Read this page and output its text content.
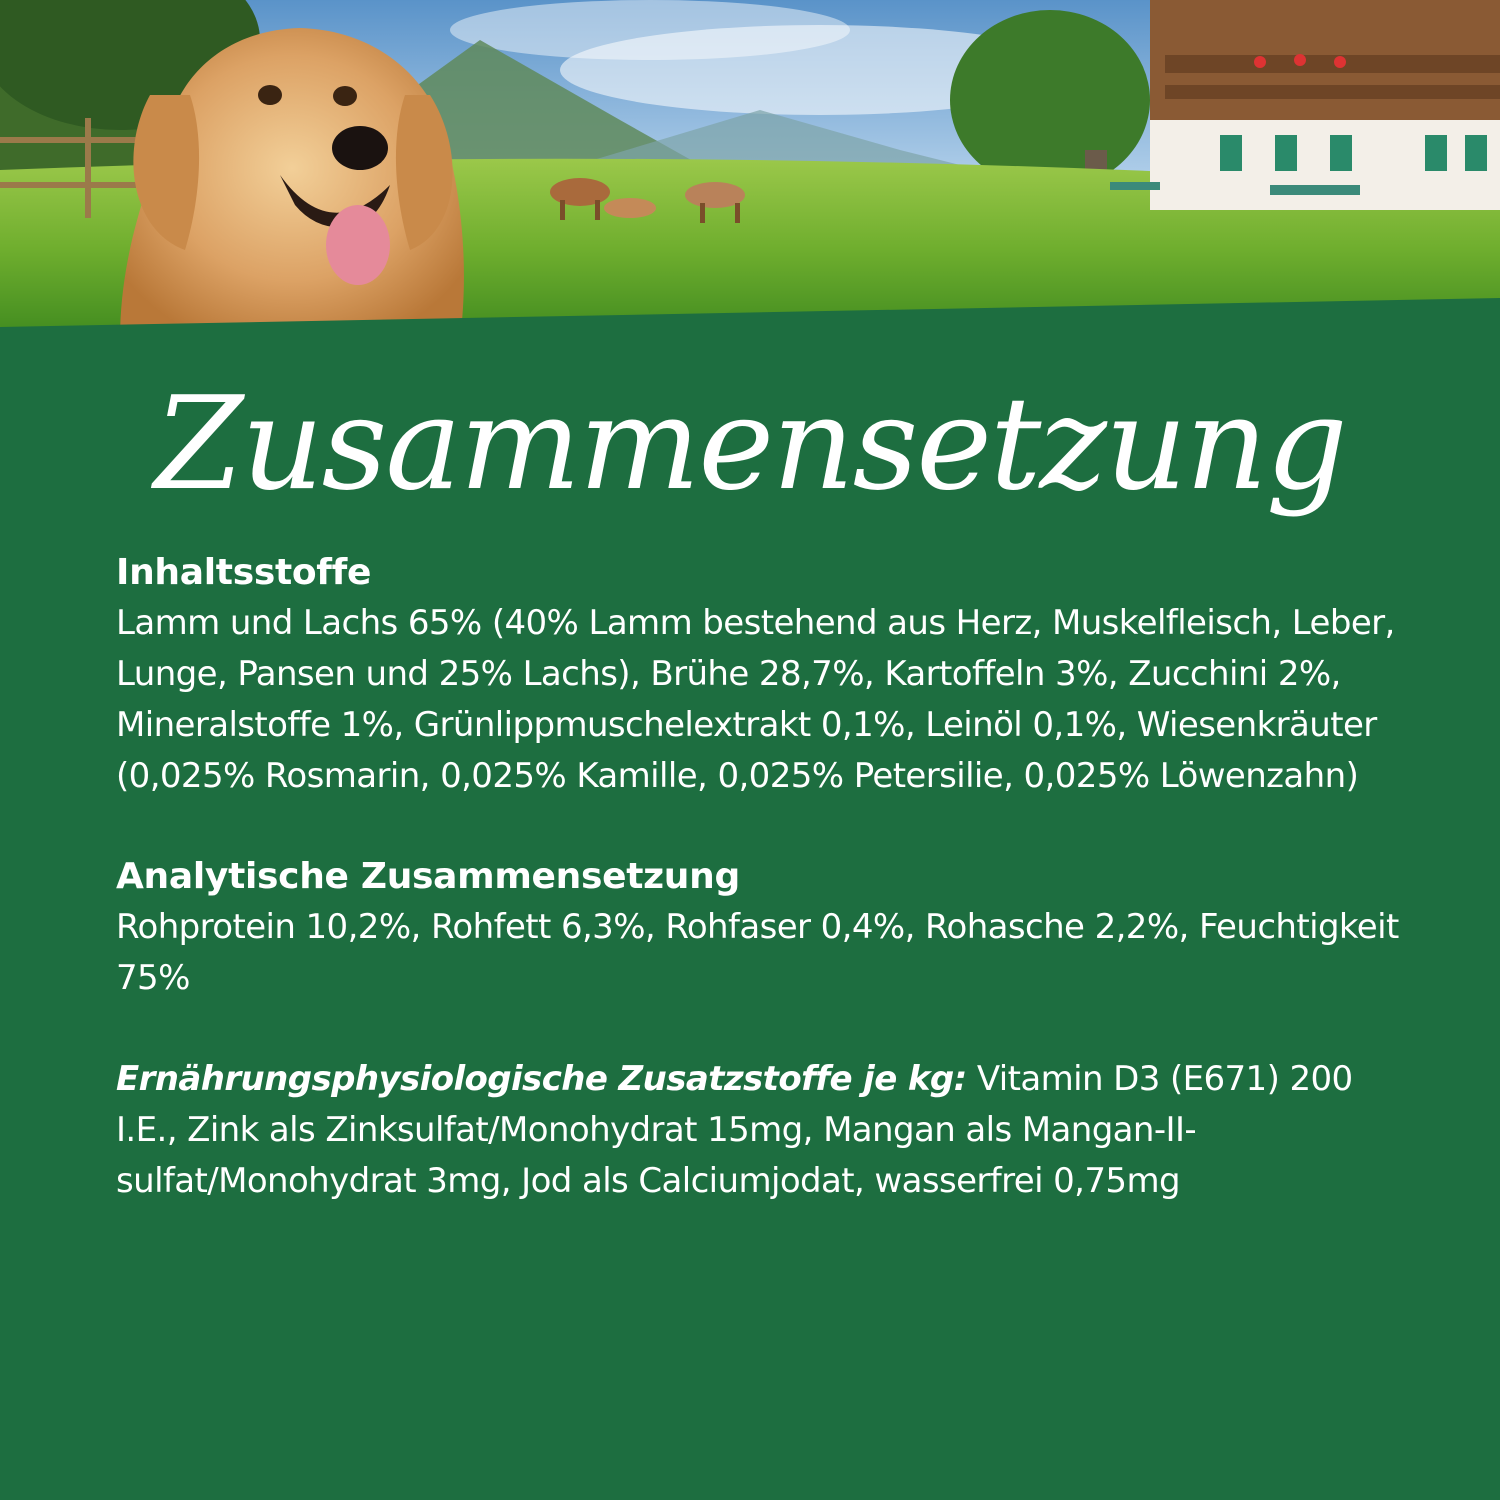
Zusammensetzung
Inhaltsstoffe

Lamm und Lachs 65% (40% Lamm bestehend aus Herz, Muskelfleisch, Leber, Lunge, Pansen und 25% Lachs), Brühe 28,7%, Kartoffeln 3%, Zucchini 2%, Mineralstoffe 1%, Grünlippmuschelextrakt 0,1%, Leinöl 0,1%, Wiesenkräuter (0,025% Rosmarin, 0,025% Kamille, 0,025% Petersilie, 0,025% Löwenzahn)

Analytische Zusammensetzung

Rohprotein 10,2%, Rohfett 6,3%, Rohfaser 0,4%, Rohasche 2,2%, Feuchtigkeit 75%

Ernährungsphysiologische Zusatzstoffe je kg: Vitamin D3 (E671) 200 I.E., Zink als Zinksulfat/Monohydrat 15mg, Mangan als Mangan-II-sulfat/Monohydrat 3mg, Jod als Calciumjodat, wasserfrei 0,75mg
